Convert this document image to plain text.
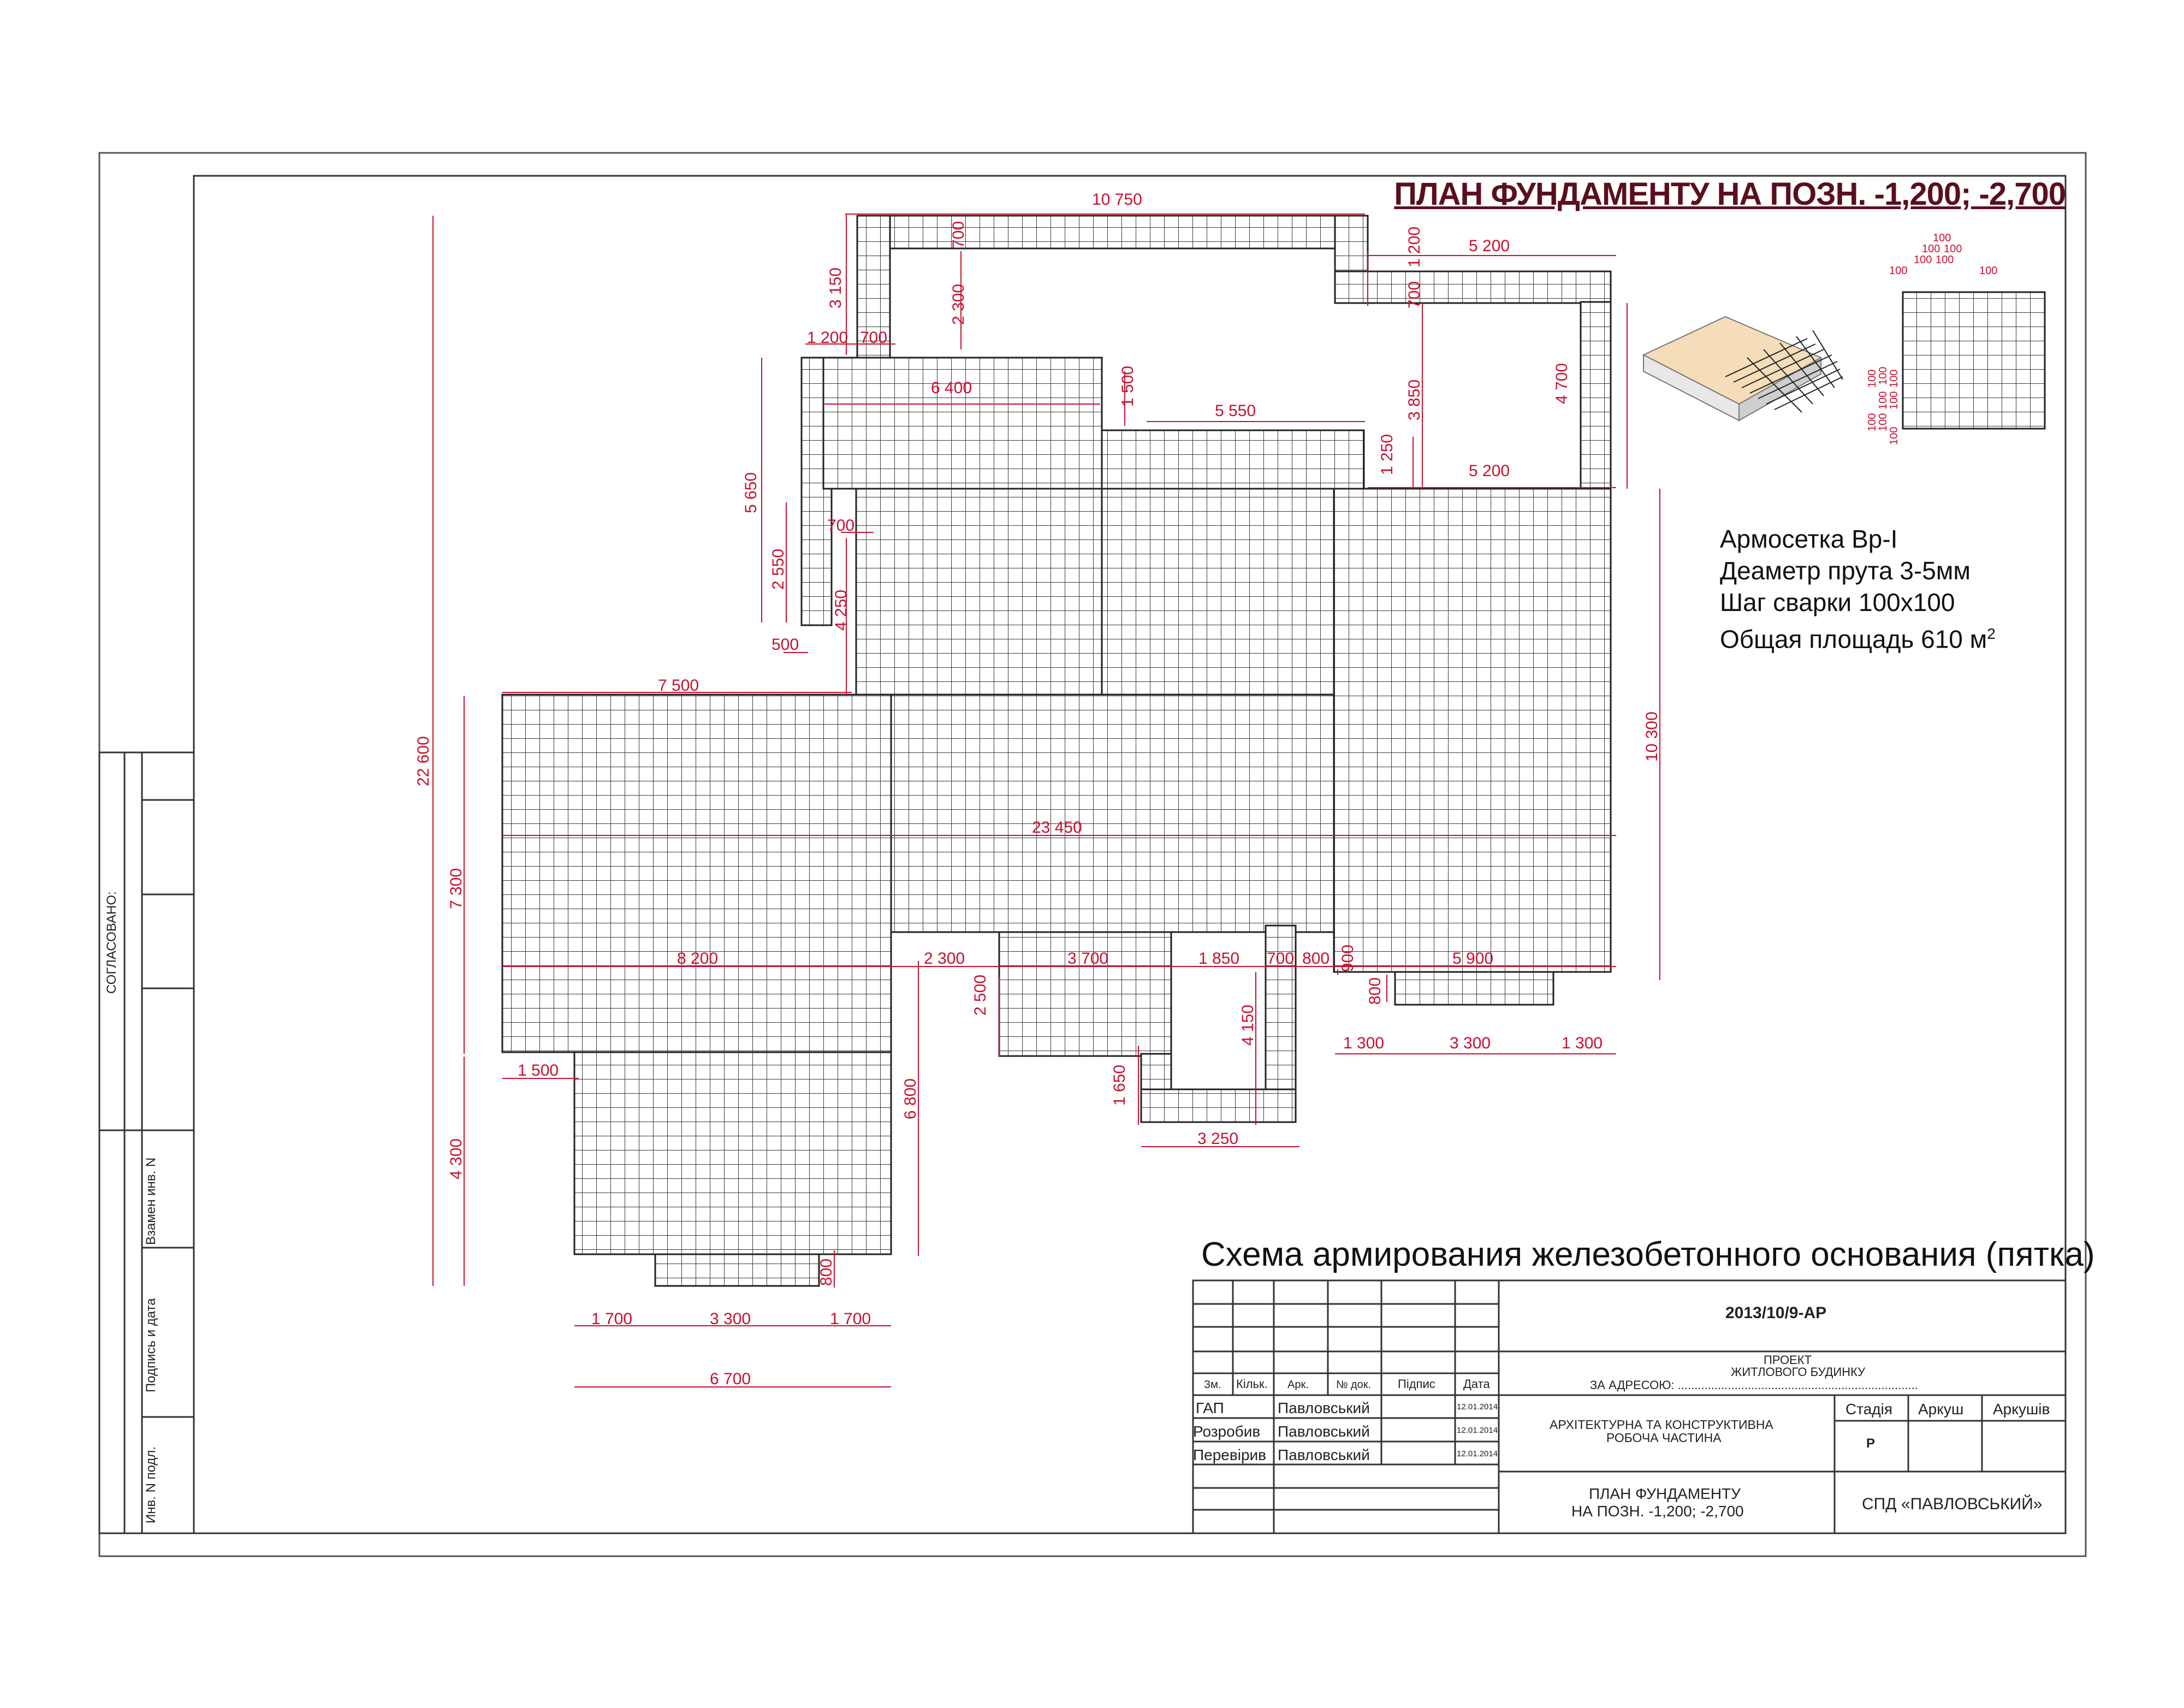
СОГЛАСОВАНО:
Взамен инв. N
Подпись и дата
Инв. N подл.
10 750
5 200
1 200
700
700
2 300
3 150
1 200 700
6 400	1 500
5 550	3 850	4 700
1 250	5 200
5 650
700
2 550
4 250
500
7 500
22 600	10 300
23 450
7 300
8 200	2 300	3 700	1 850 700 800 900	5 900
800
2 500
4 150	1 300	3 300	1 300
1 500	1 650
6 800
3 250
4 300
800
1 700	3 300	1 700
6 700
100
100 100
100 100
100	100
100
100
100
100
100
100
100
100
ПЛАН ФУНДАМЕНТУ НА ПОЗН. -1,200; -2,700
Схема армирования железобетонного основания (пятка)
Армосетка Вр-I
Деаметр прута 3-5мм
Шаг сварки 100x100
Общая площадь 610 $м^2$
2013/10/9-АР
ПРОЕКТ
ЖИТЛОВОГО БУДИНКУ
ЗА АДРЕСОЮ: ........................................................................
АРХІТЕКТУРНА ТА КОНСТРУКТИВНА
РОБОЧА ЧАСТИНА
Стадія Аркуш Аркушів
Р
ПЛАН ФУНДАМЕНТУ
НА ПОЗН. -1,200; -2,700	СПД «ПАВЛОВСЬКИЙ»
Зм. Кільк. Арк.	№ док. Підпис Дата
ГАП	Павловський	12.01.2014
Розробив Павловський	12.01.2014
Перевірив Павловський	12.01.2014
